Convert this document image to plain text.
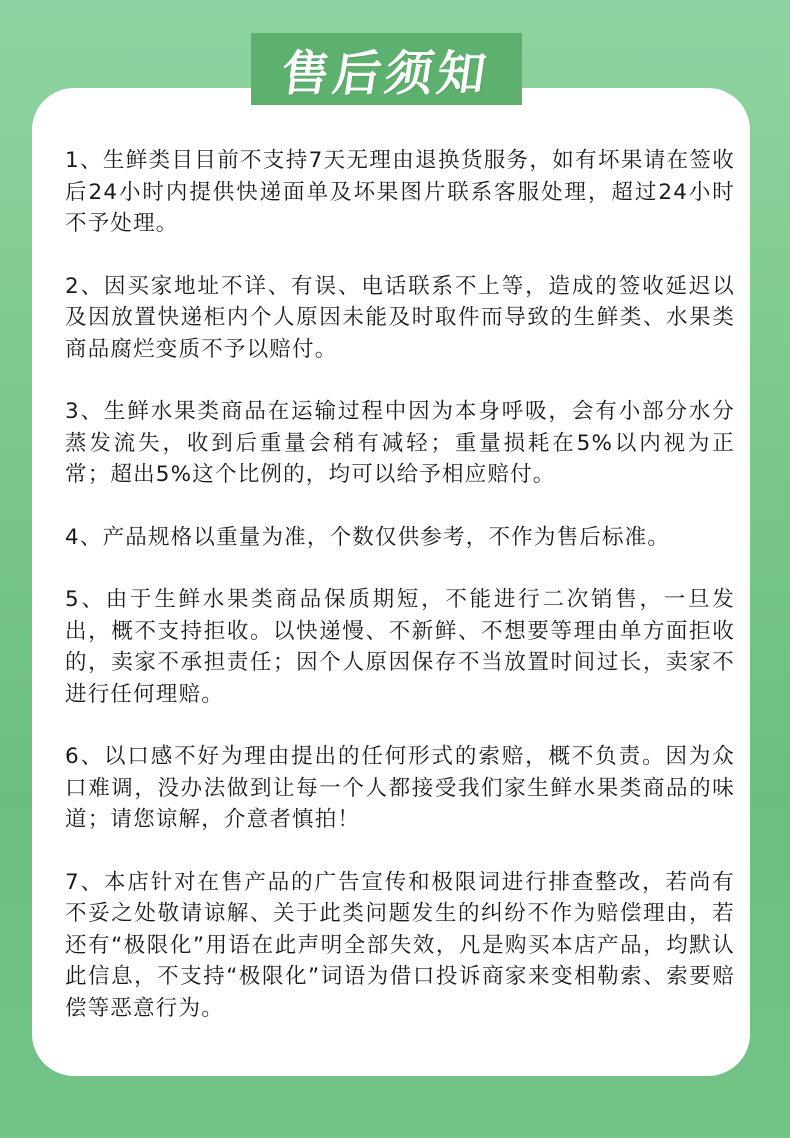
售后须知

1、生鲜类目目前不支持7天无理由退换货服务，如有坏果请在签收后24小时内提供快递面单及坏果图片联系客服处理，超过24小时不予处理。

2、因买家地址不详、有误、电话联系不上等，造成的签收延迟以及因放置快递柜内个人原因未能及时取件而导致的生鲜类、水果类商品腐烂变质不予以赔付。

3、生鲜水果类商品在运输过程中因为本身呼吸，会有小部分水分蒸发流失，收到后重量会稍有减轻；重量损耗在5%以内视为正常；超出5%这个比例的，均可以给予相应赔付。

4、产品规格以重量为准，个数仅供参考，不作为售后标准。

5、由于生鲜水果类商品保质期短，不能进行二次销售，一旦发出，概不支持拒收。以快递慢、不新鲜、不想要等理由单方面拒收的，卖家不承担责任；因个人原因保存不当放置时间过长，卖家不进行任何理赔。

6、以口感不好为理由提出的任何形式的索赔，概不负责。因为众口难调，没办法做到让每一个人都接受我们家生鲜水果类商品的味道；请您谅解，介意者慎拍！

7、本店针对在售产品的广告宣传和极限词进行排查整改，若尚有不妥之处敬请谅解、关于此类问题发生的纠纷不作为赔偿理由，若还有“极限化”用语在此声明全部失效，凡是购买本店产品，均默认此信息，不支持“极限化”词语为借口投诉商家来变相勒索、索要赔偿等恶意行为。
